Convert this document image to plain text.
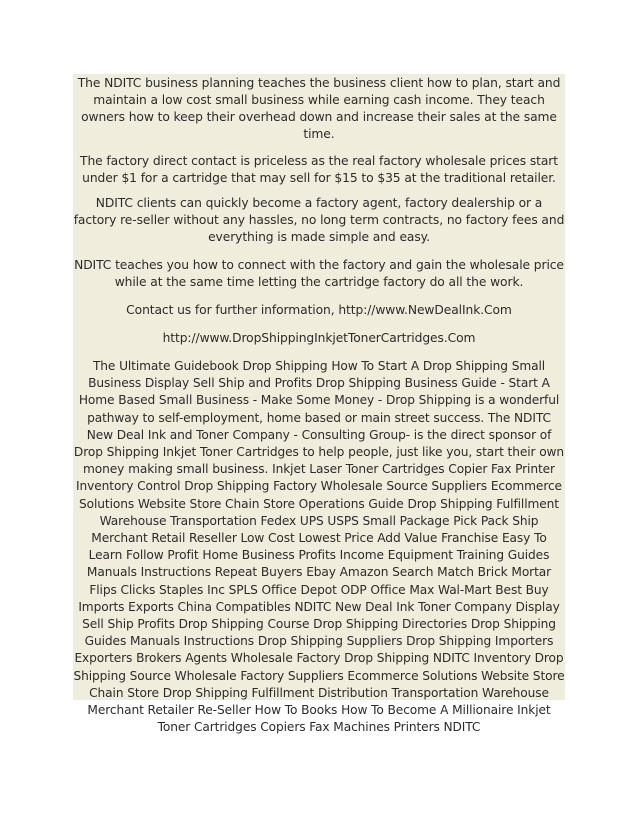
The NDITC business planning teaches the business client how to plan, start and maintain a low cost small business while earning cash income. They teach owners how to keep their overhead down and increase their sales at the same time.

The factory direct contact is priceless as the real factory wholesale prices start under $1 for a cartridge that may sell for $15 to $35 at the traditional retailer.

NDITC clients can quickly become a factory agent, factory dealership or a factory re-seller without any hassles, no long term contracts, no factory fees and everything is made simple and easy.

NDITC teaches you how to connect with the factory and gain the wholesale price while at the same time letting the cartridge factory do all the work.

Contact us for further information, http://www.NewDealInk.Com

http://www.DropShippingInkjetTonerCartridges.Com

The Ultimate Guidebook Drop Shipping How To Start A Drop Shipping Small Business Display Sell Ship and Profits Drop Shipping Business Guide - Start A Home Based Small Business - Make Some Money - Drop Shipping is a wonderful pathway to self-employment, home based or main street success. The NDITC New Deal Ink and Toner Company - Consulting Group- is the direct sponsor of Drop Shipping Inkjet Toner Cartridges to help people, just like you, start their own money making small business. Inkjet Laser Toner Cartridges Copier Fax Printer Inventory Control Drop Shipping Factory Wholesale Source Suppliers Ecommerce Solutions Website Store Chain Store Operations Guide Drop Shipping Fulfillment Warehouse Transportation Fedex UPS USPS Small Package Pick Pack Ship Merchant Retail Reseller Low Cost Lowest Price Add Value Franchise Easy To Learn Follow Profit Home Business Profits Income Equipment Training Guides Manuals Instructions Repeat Buyers Ebay Amazon Search Match Brick Mortar Flips Clicks Staples Inc SPLS Office Depot ODP Office Max Wal-Mart Best Buy Imports Exports China Compatibles NDITC New Deal Ink Toner Company Display Sell Ship Profits Drop Shipping Course Drop Shipping Directories Drop Shipping Guides Manuals Instructions Drop Shipping Suppliers Drop Shipping Importers Exporters Brokers Agents Wholesale Factory Drop Shipping NDITC Inventory Drop Shipping Source Wholesale Factory Suppliers Ecommerce Solutions Website Store Chain Store Drop Shipping Fulfillment Distribution Transportation Warehouse Merchant Retailer Re-Seller How To Books How To Become A Millionaire Inkjet Toner Cartridges Copiers Fax Machines Printers NDITC
